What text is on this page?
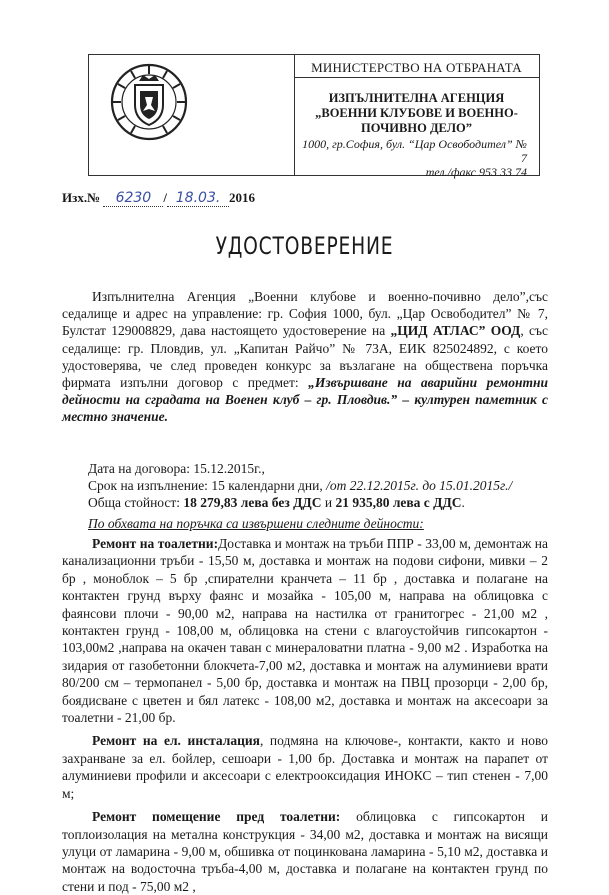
МИНИСТЕРСТВО НА ОТБРАНАТА
ИЗПЪЛНИТЕЛНА АГЕНЦИЯ
„ВОЕННИ КЛУБОВЕ И ВОЕННО-ПОЧИВНО ДЕЛО”
1000, гр.София, бул. “Цар Освободител” № 7
тел./факс 953 33 74
Изх.№ 6230 / 18.03. 2016
УДОСТОВЕРЕНИЕ

Изпълнителна Агенция „Военни клубове и военно-почивно дело”,със седалище и адрес на управление: гр. София 1000, бул. „Цар Освободител” № 7, Булстат 129008829, дава настоящето удостоверение на „ЦИД АТЛАС” ООД, със седалище: гр. Пловдив, ул. „Капитан Райчо” № 73А, ЕИК 825024892, с което удостоверява, че след проведен конкурс за възлагане на обществена поръчка фирмата изпълни договор с предмет: „Извършване на аварийни ремонтни дейности на сградата на Военен клуб – гр. Пловдив.” – културен паметник с местно значение.

Дата на договора: 15.12.2015г.,

Срок на изпълнение: 15 календарни дни, /от 22.12.2015г. до 15.01.2015г./

Обща стойност: 18 279,83 лева без ДДС и 21 935,80 лева с ДДС.

По обхвата на поръчка са извършени следните дейности:

Ремонт на тоалетни:Доставка и монтаж на тръби ППР - 33,00 м, демонтаж на канализационни тръби - 15,50 м, доставка и монтаж на подови сифони, мивки – 2 бр , моноблок – 5 бр ,спирателни кранчета – 11 бр , доставка и полагане на контактен грунд върху фаянс и мозайка - 105,00 м, направа на облицовка с фаянсови плочи - 90,00 м2, направа на настилка от гранитогрес - 21,00 м2 , контактен грунд - 108,00 м, облицовка на стени с влагоустойчив гипсокартон - 103,00м2 ,направа на окачен таван с минераловатни платна - 9,00 м2 . Изработка на зидария от газобетонни блокчета-7,00 м2, доставка и монтаж на алуминиеви врати 80/200 см – термопанел - 5,00 бр, доставка и монтаж на ПВЦ прозорци - 2,00 бр, боядисване с цветен и бял латекс - 108,00 м2, доставка и монтаж на аксесоари за тоалетни - 21,00 бр.

Ремонт на ел. инсталация, подмяна на ключове-, контакти, както и ново захранване за ел. бойлер, сешоари - 1,00 бр. Доставка и монтаж на парапет от алуминиеви профили и аксесоари с електрооксидация ИНОКС – тип стенен - 7,00 м;

Ремонт помещение пред тоалетни: облицовка с гипсокартон и топлоизолация на метална конструкция - 34,00 м2, доставка и монтаж на висящи улуци от ламарина - 9,00 м, обшивка от поцинкована ламарина - 5,10 м2, доставка и монтаж на водосточна тръба-4,00 м, доставка и полагане на контактен грунд по стени и под - 75,00 м2 ,
